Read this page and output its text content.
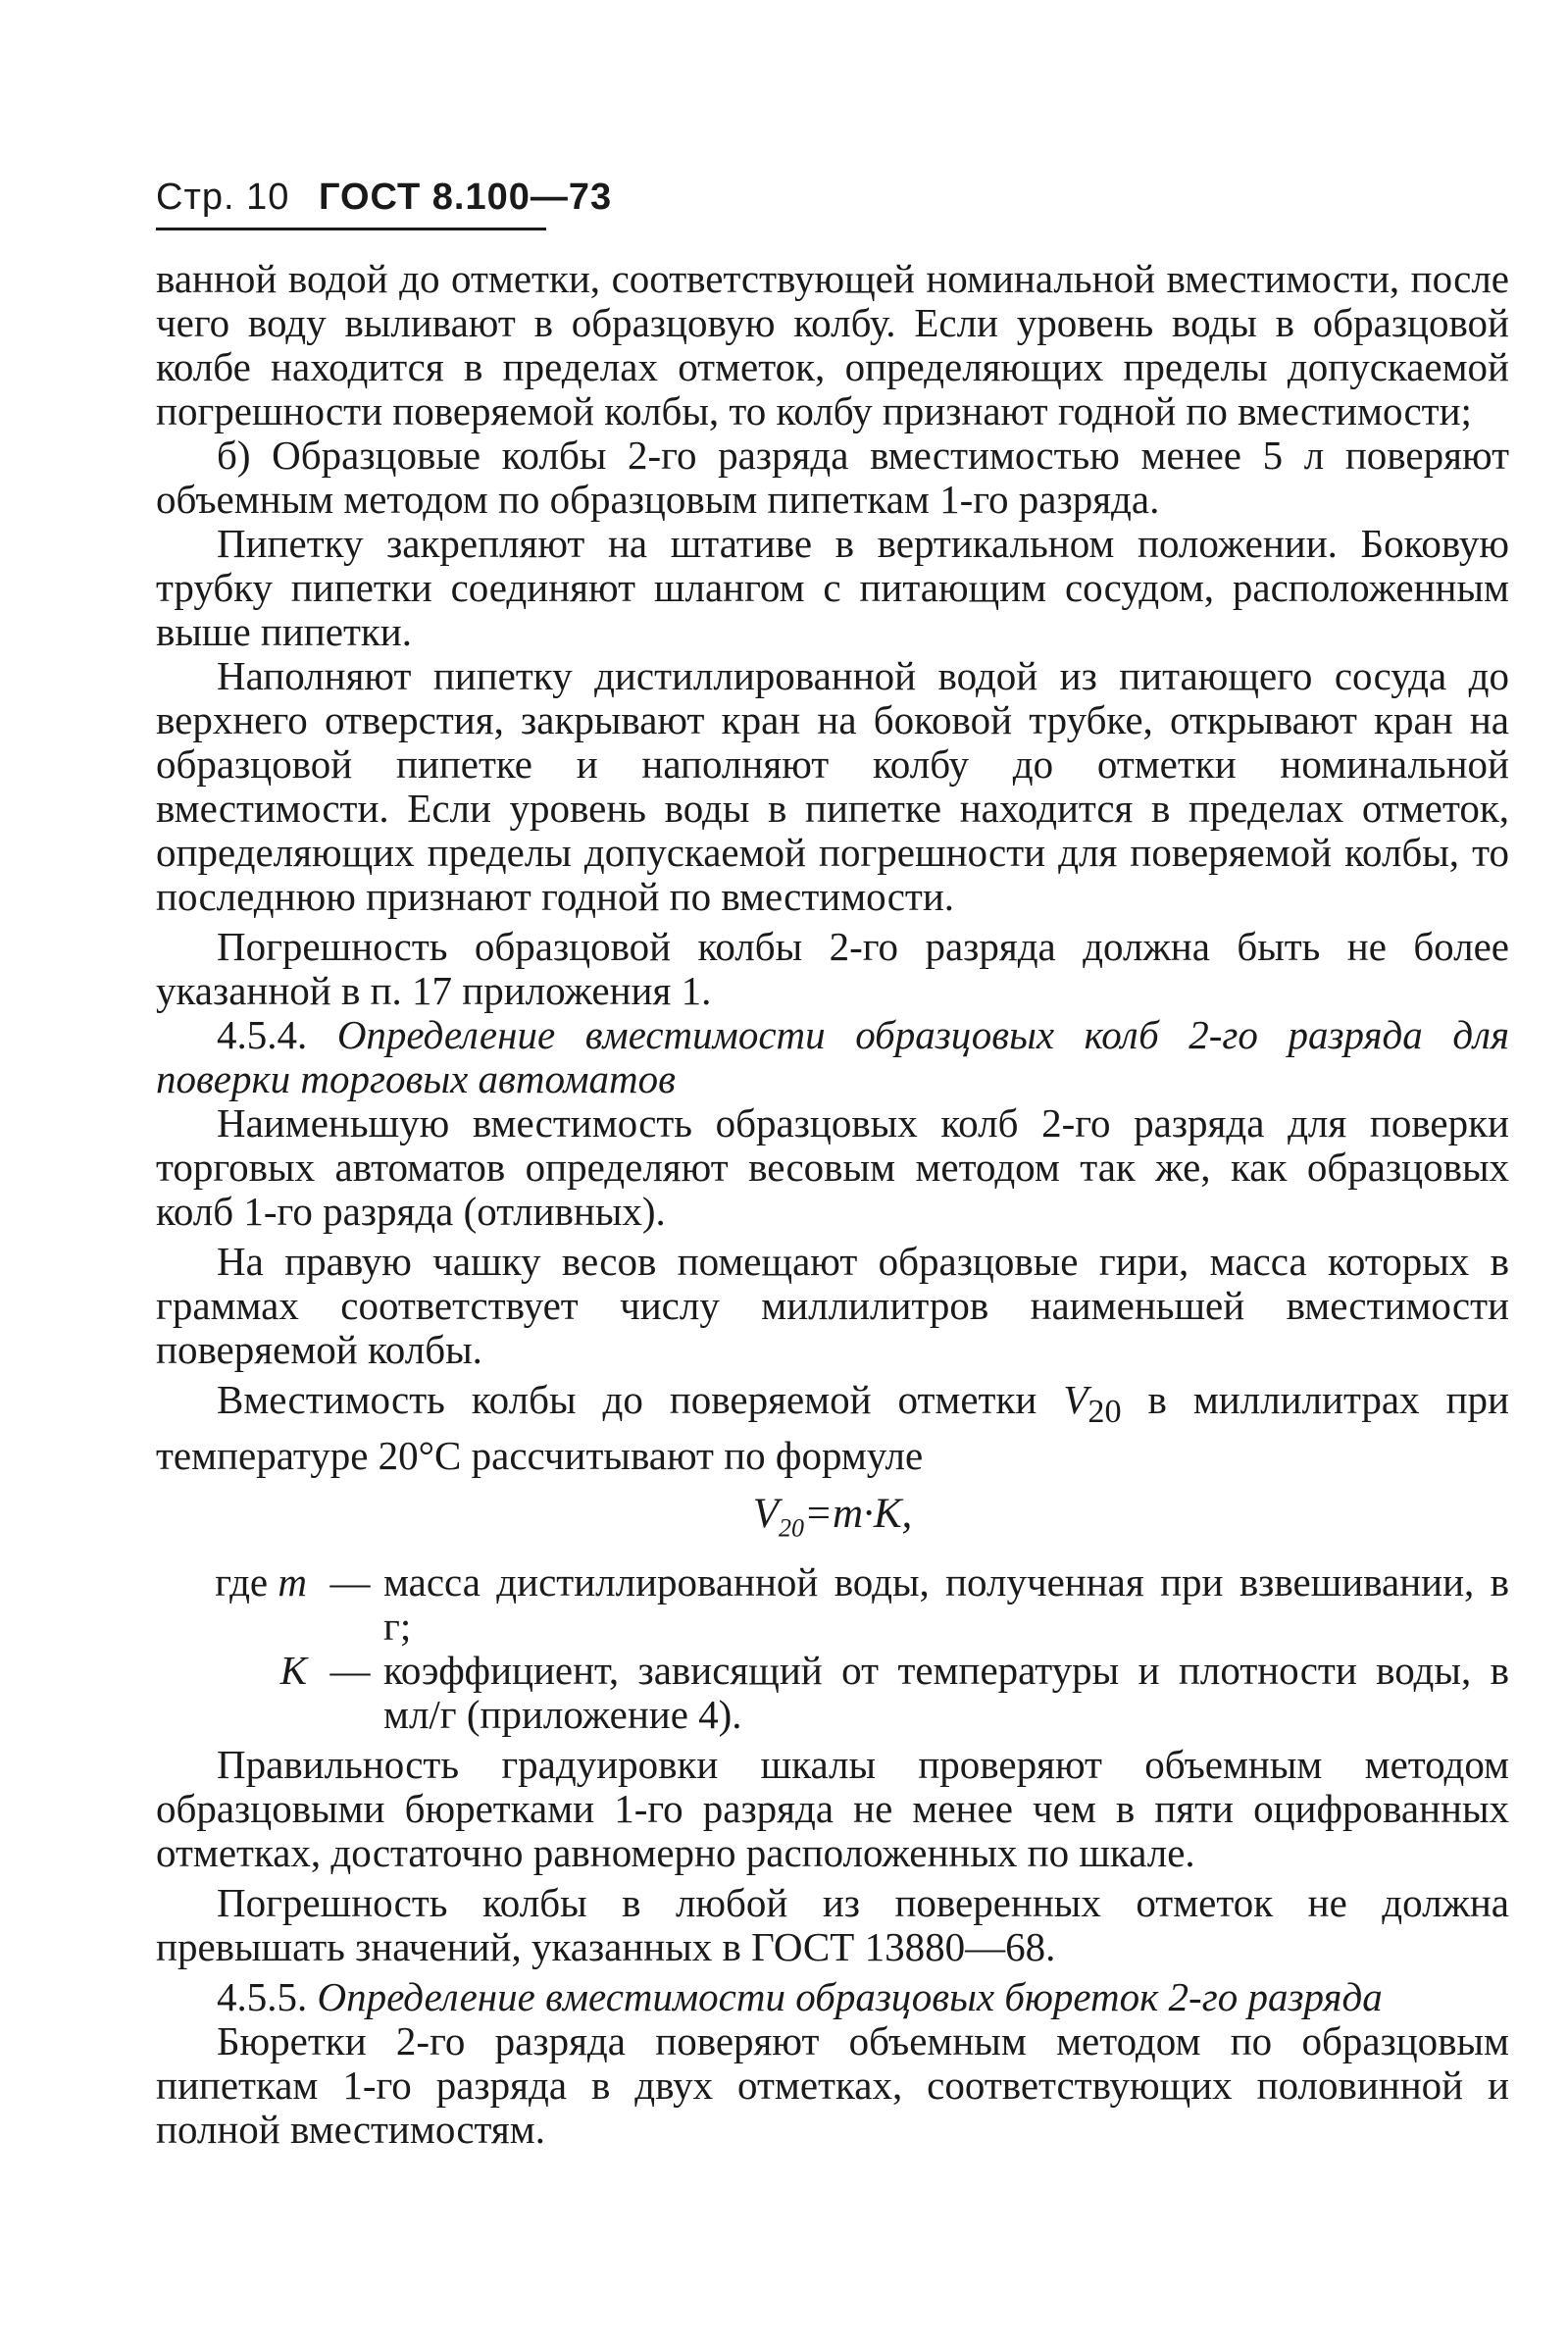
Стр. 10 ГОСТ 8.100—73

ванной водой до отметки, соответствующей номинальной вместимости, после чего воду выливают в образцовую колбу. Если уровень воды в образцовой колбе находится в пределах отметок, определяющих пределы допускаемой погрешности поверяемой колбы, то колбу признают годной по вместимости;

б) Образцовые колбы 2-го разряда вместимостью менее 5 л поверяют объемным методом по образцовым пипеткам 1-го разряда.

Пипетку закрепляют на штативе в вертикальном положении. Боковую трубку пипетки соединяют шлангом с питающим сосудом, расположенным выше пипетки.

Наполняют пипетку дистиллированной водой из питающего сосуда до верхнего отверстия, закрывают кран на боковой трубке, открывают кран на образцовой пипетке и наполняют колбу до отметки номинальной вместимости. Если уровень воды в пипетке находится в пределах отметок, определяющих пределы допускаемой погрешности для поверяемой колбы, то последнюю признают годной по вместимости.

Погрешность образцовой колбы 2-го разряда должна быть не более указанной в п. 17 приложения 1.

4.5.4. Определение вместимости образцовых колб 2-го разряда для поверки торговых автоматов

Наименьшую вместимость образцовых колб 2-го разряда для поверки торговых автоматов определяют весовым методом так же, как образцовых колб 1-го разряда (отливных).

На правую чашку весов помещают образцовые гири, масса которых в граммах соответствует числу миллилитров наименьшей вместимости поверяемой колбы.

Вместимость колбы до поверяемой отметки $V_{20}$ в миллилитрах при температуре 20°C рассчитывают по формуле

$V_{20}=m\cdot K$,
где m — масса дистиллированной воды, полученная при взвешивании, в г;
K — коэффициент, зависящий от температуры и плотности воды, в мл/г (приложение 4).

Правильность градуировки шкалы проверяют объемным методом образцовыми бюретками 1-го разряда не менее чем в пяти оцифрованных отметках, достаточно равномерно расположенных по шкале.

Погрешность колбы в любой из поверенных отметок не должна превышать значений, указанных в ГОСТ 13880—68.

4.5.5. Определение вместимости образцовых бюреток 2-го разряда

Бюретки 2-го разряда поверяют объемным методом по образцовым пипеткам 1-го разряда в двух отметках, соответствующих половинной и полной вместимостям.
